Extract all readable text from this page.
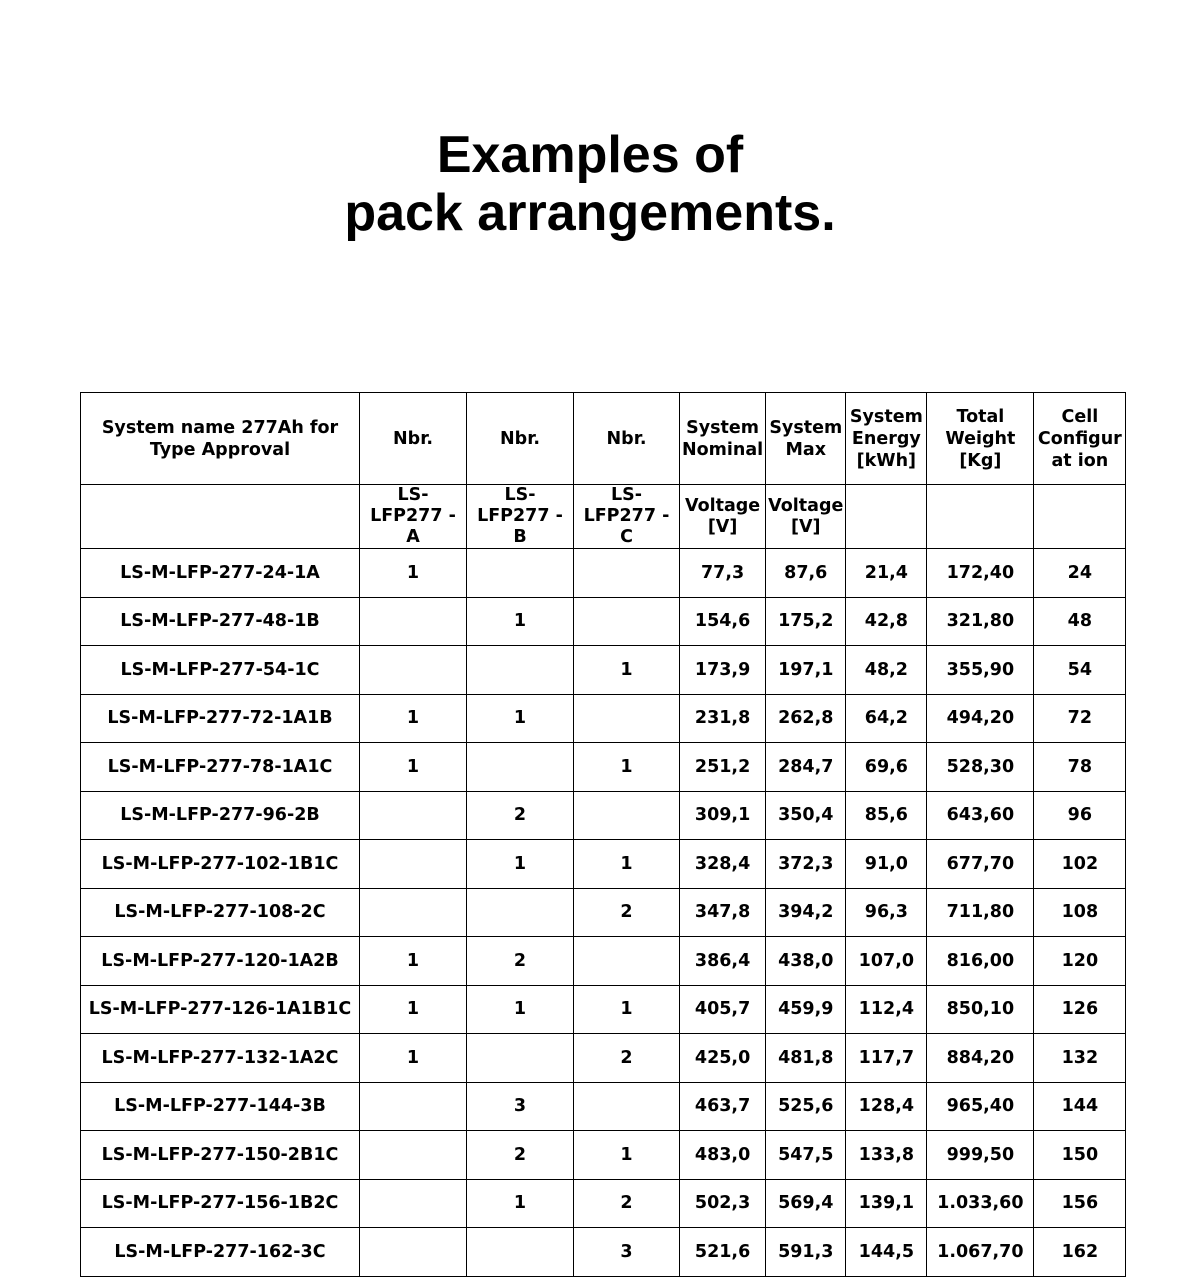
Examples of
pack arrangements.
System name 277Ah for Type Approval	Nbr.	Nbr.	Nbr.	System Nominal	System Max	System Energy [kWh]	Total Weight [Kg]	Cell Configur at ion
	LS-LFP277 - A	LS-LFP277 - B	LS-LFP277 - C	Voltage [V]	Voltage [V]			
LS-M-LFP-277-24-1A	1			77,3	87,6	21,4	172,40	24
LS-M-LFP-277-48-1B		1		154,6	175,2	42,8	321,80	48
LS-M-LFP-277-54-1C			1	173,9	197,1	48,2	355,90	54
LS-M-LFP-277-72-1A1B	1	1		231,8	262,8	64,2	494,20	72
LS-M-LFP-277-78-1A1C	1		1	251,2	284,7	69,6	528,30	78
LS-M-LFP-277-96-2B		2		309,1	350,4	85,6	643,60	96
LS-M-LFP-277-102-1B1C		1	1	328,4	372,3	91,0	677,70	102
LS-M-LFP-277-108-2C			2	347,8	394,2	96,3	711,80	108
LS-M-LFP-277-120-1A2B	1	2		386,4	438,0	107,0	816,00	120
LS-M-LFP-277-126-1A1B1C	1	1	1	405,7	459,9	112,4	850,10	126
LS-M-LFP-277-132-1A2C	1		2	425,0	481,8	117,7	884,20	132
LS-M-LFP-277-144-3B		3		463,7	525,6	128,4	965,40	144
LS-M-LFP-277-150-2B1C		2	1	483,0	547,5	133,8	999,50	150
LS-M-LFP-277-156-1B2C		1	2	502,3	569,4	139,1	1.033,60	156
LS-M-LFP-277-162-3C			3	521,6	591,3	144,5	1.067,70	162
